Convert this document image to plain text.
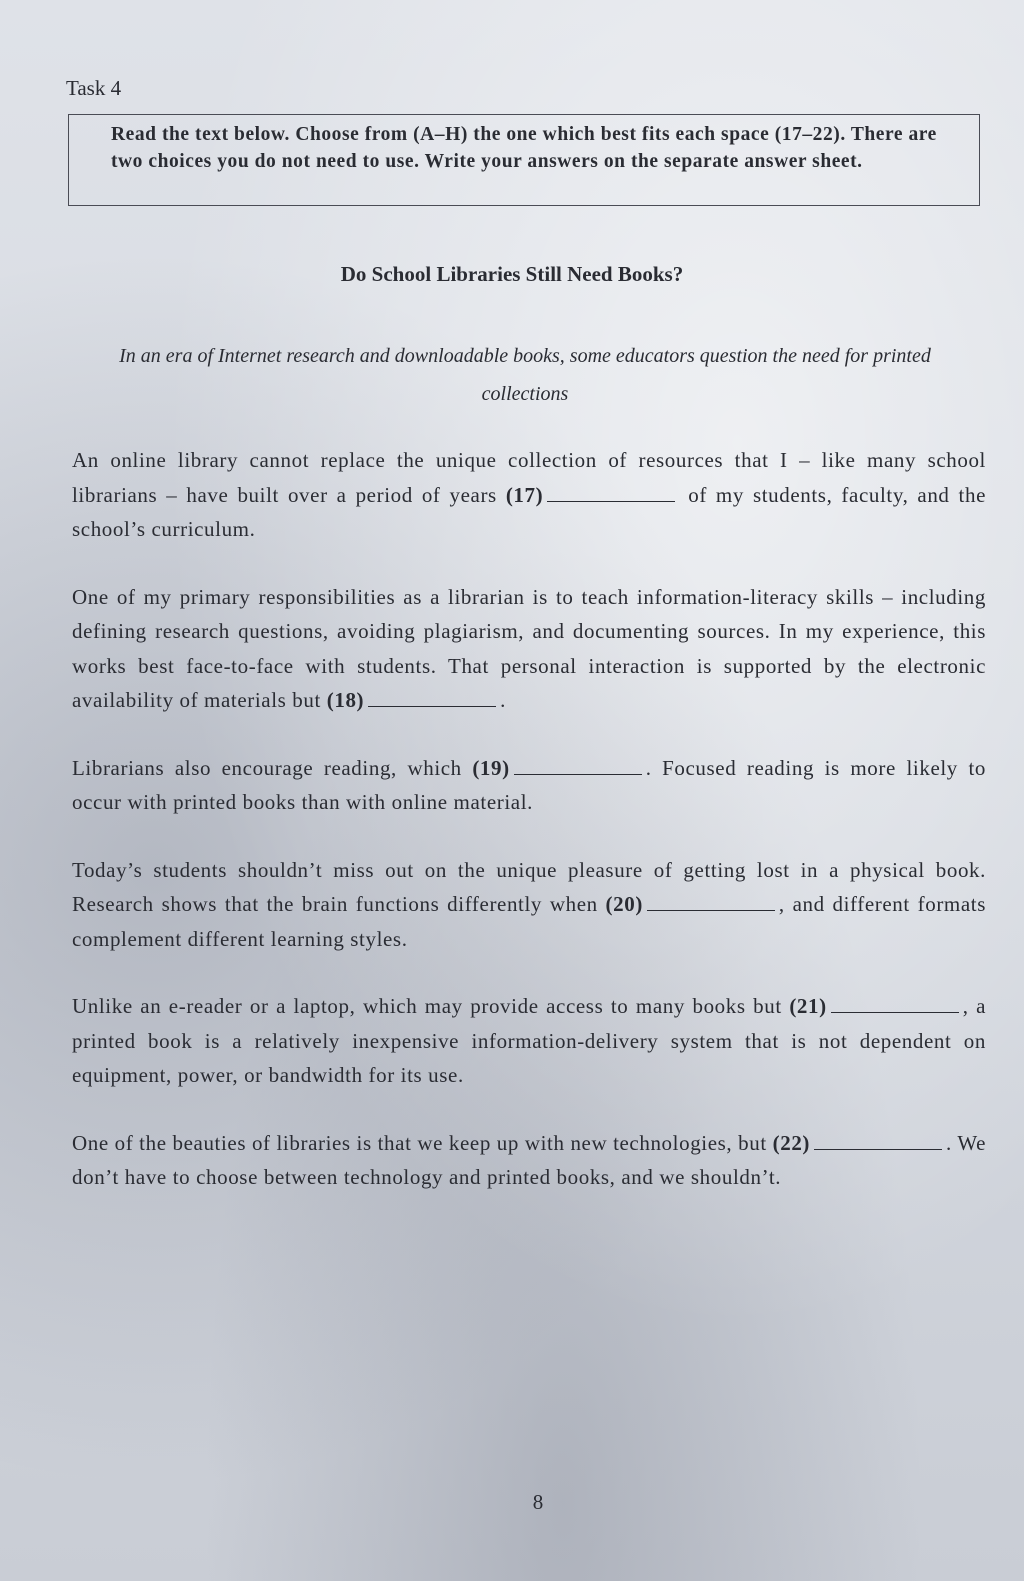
Task 4

Read the text below. Choose from (A–H) the one which best fits each space (17–22). There are two choices you do not need to use. Write your answers on the separate answer sheet.

Do School Libraries Still Need Books?

In an era of Internet research and downloadable books, some educators question the need for printed collections

An online library cannot replace the unique collection of resources that I – like many school librarians – have built over a period of years (17)	of my students, faculty, and the school’s curriculum.

One of my primary responsibilities as a librarian is to teach information-literacy skills – including defining research questions, avoiding plagiarism, and documenting sources. In my experience, this works best face-to-face with students. That personal interaction is supported by the electronic availability of materials but (18)	.

Librarians also encourage reading, which (19)	. Focused reading is more likely to occur with printed books than with online material.

Today’s students shouldn’t miss out on the unique pleasure of getting lost in a physical book. Research shows that the brain functions differently when (20)	, and different formats complement different learning styles.

Unlike an e-reader or a laptop, which may provide access to many books but (21)	, a printed book is a relatively inexpensive information-delivery system that is not dependent on equipment, power, or bandwidth for its use.

One of the beauties of libraries is that we keep up with new technologies, but (22)	. We don’t have to choose between technology and printed books, and we shouldn’t.

8
